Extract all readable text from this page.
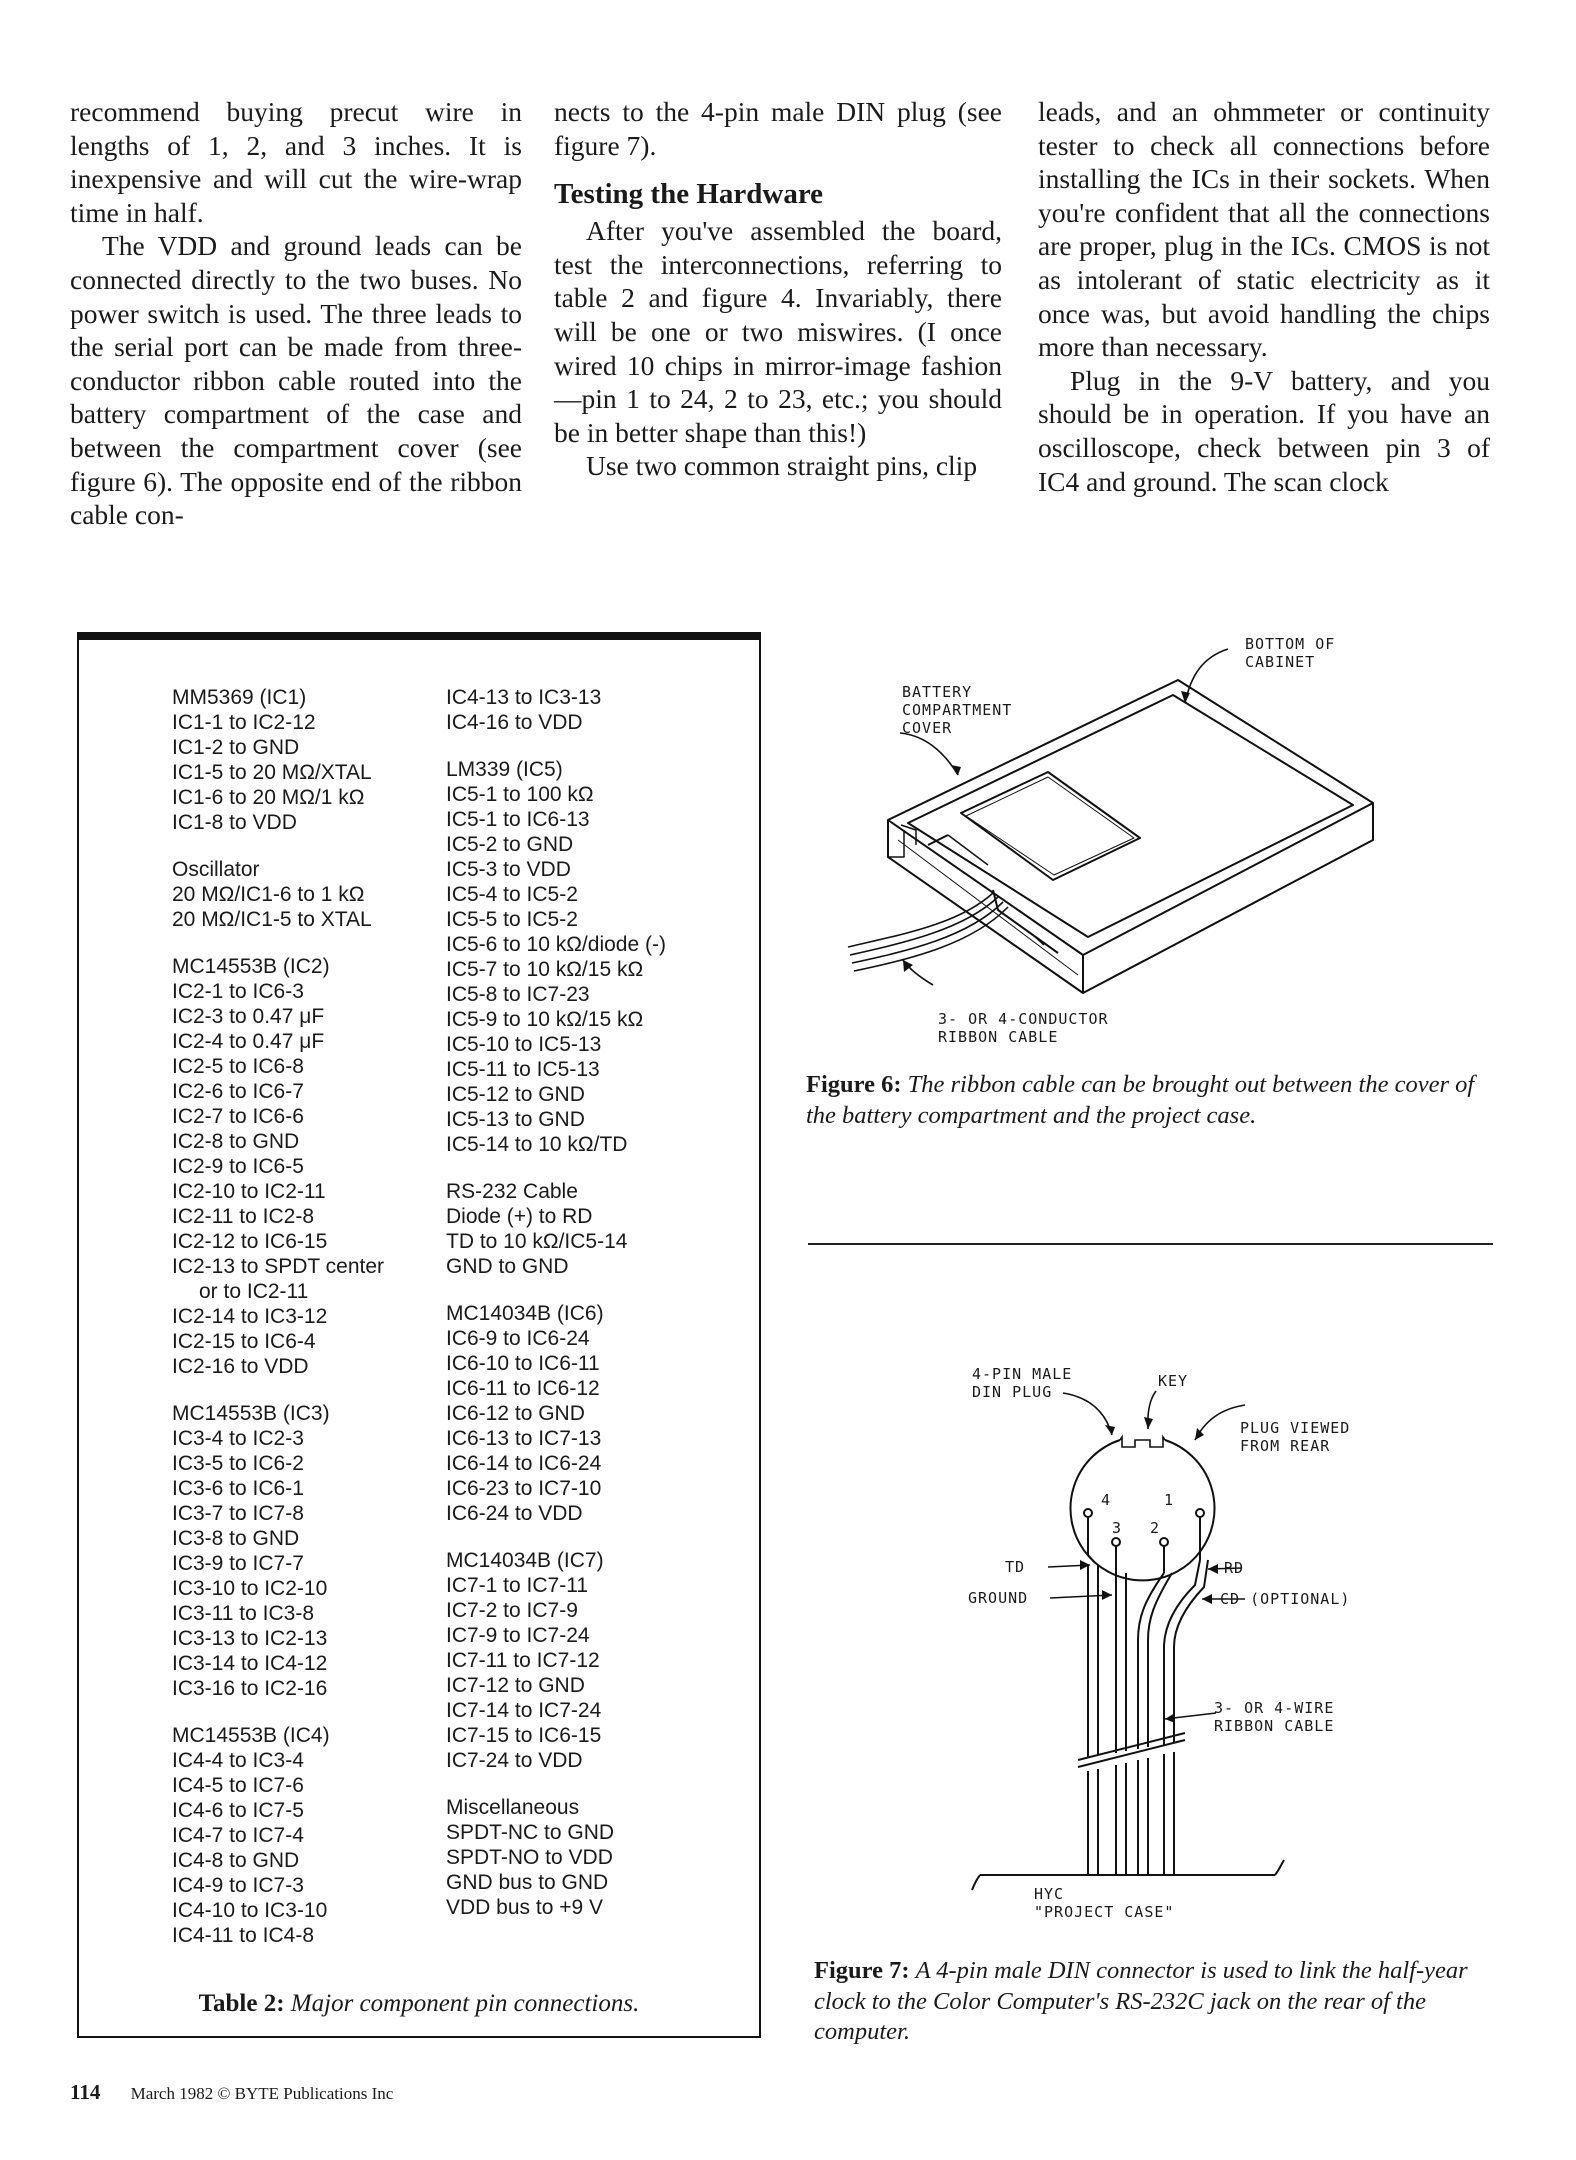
recommend buying precut wire in lengths of 1, 2, and 3 inches. It is inexpensive and will cut the wire-wrap time in half.

The VDD and ground leads can be connected directly to the two buses. No power switch is used. The three leads to the serial port can be made from three-conductor ribbon cable routed into the battery compartment of the case and between the compartment cover (see figure 6). The opposite end of the ribbon cable con-

nects to the 4-pin male DIN plug (see figure 7).

Testing the Hardware

After you've assembled the board, test the interconnections, referring to table 2 and figure 4. Invariably, there will be one or two miswires. (I once wired 10 chips in mirror-image fashion—pin 1 to 24, 2 to 23, etc.; you should be in better shape than this!)

Use two common straight pins, clip

leads, and an ohmmeter or continuity tester to check all connections before installing the ICs in their sockets. When you're confident that all the connections are proper, plug in the ICs. CMOS is not as intolerant of static electricity as it once was, but avoid handling the chips more than necessary.

Plug in the 9-V battery, and you should be in operation. If you have an oscilloscope, check between pin 3 of IC4 and ground. The scan clock

MM5369 (IC1)
IC1-1 to IC2-12
IC1-2 to GND
IC1-5 to 20 MΩ/XTAL
IC1-6 to 20 MΩ/1 kΩ
IC1-8 to VDD
Oscillator
20 MΩ/IC1-6 to 1 kΩ
20 MΩ/IC1-5 to XTAL
MC14553B (IC2)
IC2-1 to IC6-3
IC2-3 to 0.47 μF
IC2-4 to 0.47 μF
IC2-5 to IC6-8
IC2-6 to IC6-7
IC2-7 to IC6-6
IC2-8 to GND
IC2-9 to IC6-5
IC2-10 to IC2-11
IC2-11 to IC2-8
IC2-12 to IC6-15
IC2-13 to SPDT center
or to IC2-11
IC2-14 to IC3-12
IC2-15 to IC6-4
IC2-16 to VDD
MC14553B (IC3)
IC3-4 to IC2-3
IC3-5 to IC6-2
IC3-6 to IC6-1
IC3-7 to IC7-8
IC3-8 to GND
IC3-9 to IC7-7
IC3-10 to IC2-10
IC3-11 to IC3-8
IC3-13 to IC2-13
IC3-14 to IC4-12
IC3-16 to IC2-16
MC14553B (IC4)
IC4-4 to IC3-4
IC4-5 to IC7-6
IC4-6 to IC7-5
IC4-7 to IC7-4
IC4-8 to GND
IC4-9 to IC7-3
IC4-10 to IC3-10
IC4-11 to IC4-8
IC4-13 to IC3-13
IC4-16 to VDD
LM339 (IC5)
IC5-1 to 100 kΩ
IC5-1 to IC6-13
IC5-2 to GND
IC5-3 to VDD
IC5-4 to IC5-2
IC5-5 to IC5-2
IC5-6 to 10 kΩ/diode (-)
IC5-7 to 10 kΩ/15 kΩ
IC5-8 to IC7-23
IC5-9 to 10 kΩ/15 kΩ
IC5-10 to IC5-13
IC5-11 to IC5-13
IC5-12 to GND
IC5-13 to GND
IC5-14 to 10 kΩ/TD
RS-232 Cable
Diode (+) to RD
TD to 10 kΩ/IC5-14
GND to GND
MC14034B (IC6)
IC6-9 to IC6-24
IC6-10 to IC6-11
IC6-11 to IC6-12
IC6-12 to GND
IC6-13 to IC7-13
IC6-14 to IC6-24
IC6-23 to IC7-10
IC6-24 to VDD
MC14034B (IC7)
IC7-1 to IC7-11
IC7-2 to IC7-9
IC7-9 to IC7-24
IC7-11 to IC7-12
IC7-12 to GND
IC7-14 to IC7-24
IC7-15 to IC6-15
IC7-24 to VDD
Miscellaneous
SPDT-NC to GND
SPDT-NO to VDD
GND bus to GND
VDD bus to +9 V
Table 2: Major component pin connections.
BOTTOM OF
CABINET
BATTERY
COMPARTMENT
COVER
3- OR 4-CONDUCTOR
RIBBON CABLE
Figure 6: The ribbon cable can be brought out between the cover of the battery compartment and the project case.
4-PIN MALE
DIN PLUG
KEY
PLUG VIEWED
FROM REAR
4	1
3 2
TD
GROUND
RD
CD (OPTIONAL)
3- OR 4-WIRE
RIBBON CABLE
HYC
"PROJECT CASE"
Figure 7: A 4-pin male DIN connector is used to link the half-year clock to the Color Computer's RS-232C jack on the rear of the computer.
114 March 1982 © BYTE Publications Inc
